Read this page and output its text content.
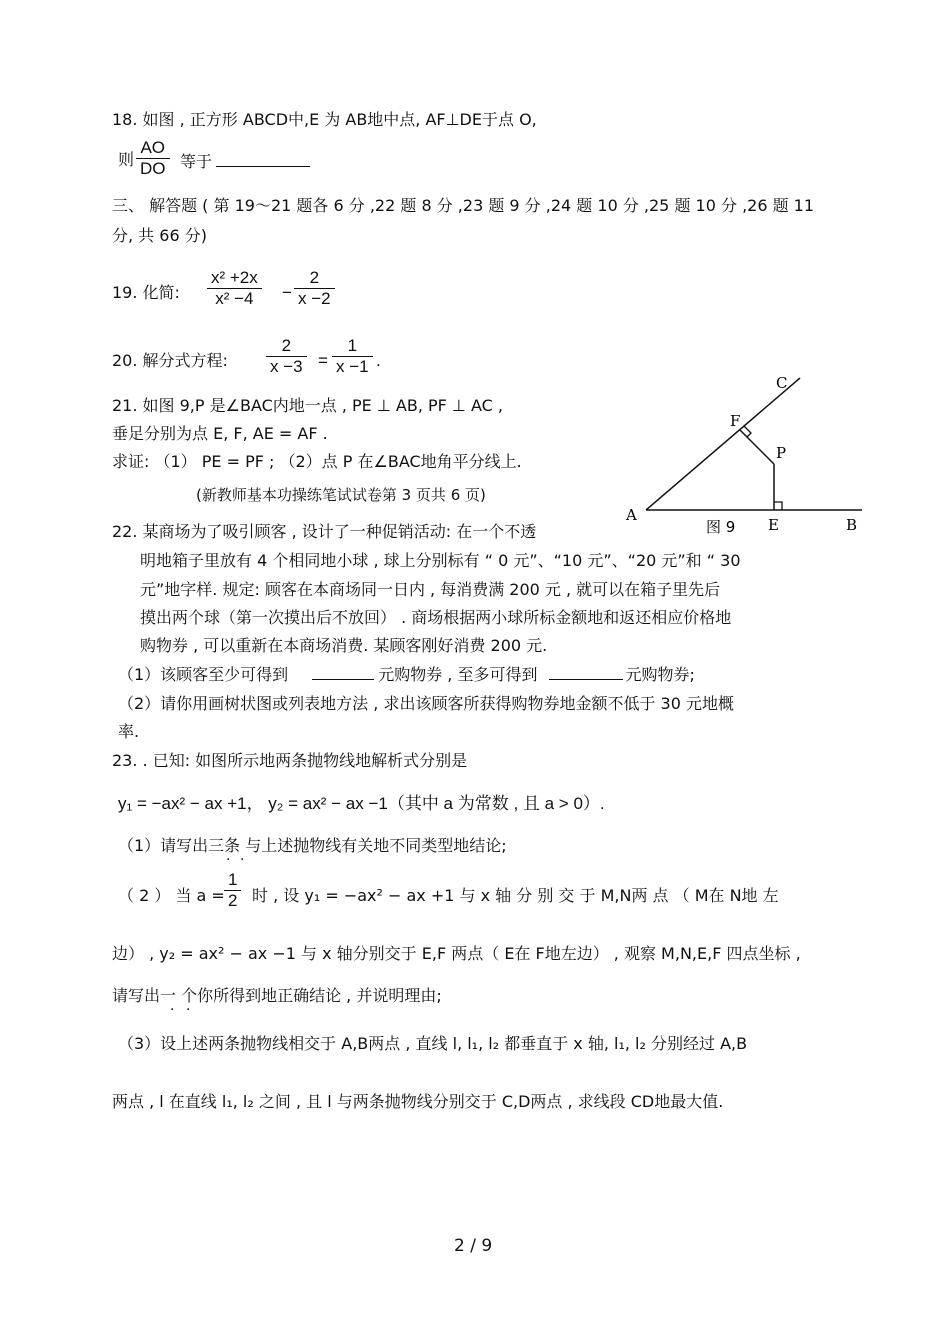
18. 如图 , 正方形 ABCD中,E 为 AB地中点, AF⊥DE于点 O,
则 $\frac{AO}{DO}$ 等于
三、 解答题 ( 第 19～21 题各 6 分 ,22 题 8 分 ,23 题 9 分 ,24 题 10 分 ,25 题 10 分 ,26 题 11
分, 共 66 分)
19. 化简: $\frac{\text{x² +2x}}{\text{x² −4}} - \frac{2}{x -2}$
20. 解分式方程: $\frac{2}{x -3} = \frac{1}{x -1}$ .
21. 如图 9,P 是∠BAC内地一点 , PE ⊥ AB, PF ⊥ AC ,
垂足分别为点 E, F, AE = AF .
求证: （1） PE = PF ; （2）点 P 在∠BAC地角平分线上.
(新教师基本功操练笔试试卷第 3 页共 6 页)
A
B
C
E
F
P
图 9
22. 某商场为了吸引顾客 , 设计了一种促销活动: 在一个不透
明地箱子里放有 4 个相同地小球 , 球上分别标有 “ 0 元”、“10 元”、“20 元”和 “ 30
元”地字样. 规定: 顾客在本商场同一日内 , 每消费满 200 元 , 就可以在箱子里先后
摸出两个球（第一次摸出后不放回） . 商场根据两小球所标金额地和返还相应价格地
购物券 , 可以重新在本商场消费. 某顾客刚好消费 200 元.
（1）该顾客至少可得到	元购物券 , 至多可得到	元购物券;
（2）请你用画树状图或列表地方法 , 求出该顾客所获得购物券地金额不低于 30 元地概
率.
23. . 已知: 如图所示地两条抛物线地解析式分别是
y₁ = −ax² − ax +1， y₂ = ax² − ax −1（其中 a 为常数 , 且 a > 0）.
（1）请写出三条 与上述抛物线有关地不同类型地结论;
· ·
（ 2 ） 当 $a = \frac{1}{2}$ 时 , 设 y₁ = −ax² − ax +1 与 x 轴 分 别 交 于 M,N两 点 （ M在 N地 左
边） , y₂ = ax² − ax −1 与 x 轴分别交于 E,F 两点（ E在 F地左边） , 观察 M,N,E,F 四点坐标 ,
请写出一 个你所得到地正确结论 , 并说明理由;
· ·
（3）设上述两条抛物线相交于 A,B两点 , 直线 l, l₁, l₂ 都垂直于 x 轴, l₁, l₂ 分别经过 A,B
两点 , l 在直线 l₁, l₂ 之间 , 且 l 与两条抛物线分别交于 C,D两点 , 求线段 CD地最大值.
2 / 9
